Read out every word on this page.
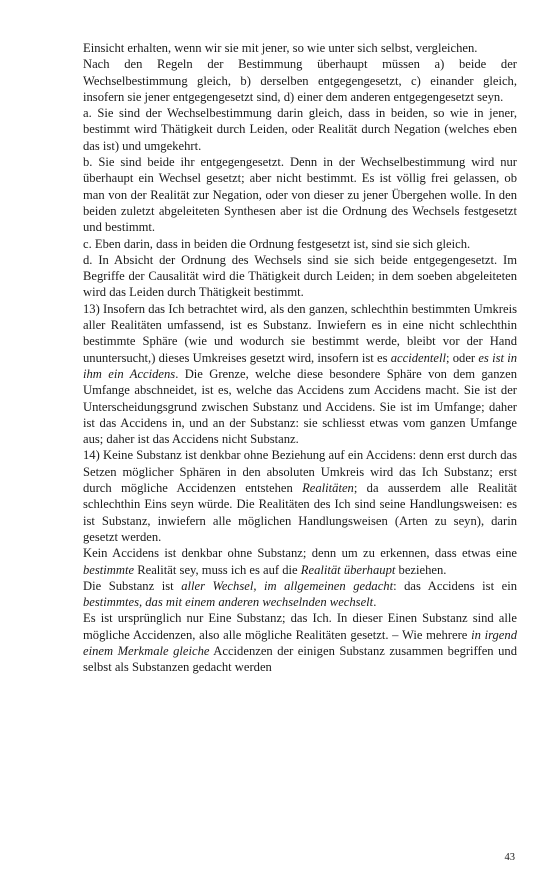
Einsicht erhalten, wenn wir sie mit jener, so wie unter sich selbst, vergleichen.

Nach den Regeln der Bestimmung überhaupt müssen a) beide der Wechselbestimmung gleich, b) derselben entgegengesetzt, c) einander gleich, insofern sie jener entgegengesetzt sind, d) einer dem anderen entgegengesetzt seyn.

a. Sie sind der Wechselbestimmung darin gleich, dass in beiden, so wie in jener, bestimmt wird Thätigkeit durch Leiden, oder Realität durch Negation (welches eben das ist) und umgekehrt.

b. Sie sind beide ihr entgegengesetzt. Denn in der Wechselbestimmung wird nur überhaupt ein Wechsel gesetzt; aber nicht bestimmt. Es ist völlig frei gelassen, ob man von der Realität zur Negation, oder von dieser zu jener Übergehen wolle. In den beiden zuletzt abgeleiteten Synthesen aber ist die Ordnung des Wechsels festgesetzt und bestimmt.

c. Eben darin, dass in beiden die Ordnung festgesetzt ist, sind sie sich gleich.

d. In Absicht der Ordnung des Wechsels sind sie sich beide entgegengesetzt. Im Begriffe der Causalität wird die Thätigkeit durch Leiden; in dem soeben abgeleiteten wird das Leiden durch Thätigkeit bestimmt.

13) Insofern das Ich betrachtet wird, als den ganzen, schlechthin bestimmten Umkreis aller Realitäten umfassend, ist es Substanz. Inwiefern es in eine nicht schlechthin bestimmte Sphäre (wie und wodurch sie bestimmt werde, bleibt vor der Hand ununtersucht,) dieses Umkreises gesetzt wird, insofern ist es accidentell; oder es ist in ihm ein Accidens. Die Grenze, welche diese besondere Sphäre von dem ganzen Umfange abschneidet, ist es, welche das Accidens zum Accidens macht. Sie ist der Unterscheidungsgrund zwischen Substanz und Accidens. Sie ist im Umfange; daher ist das Accidens in, und an der Substanz: sie schliesst etwas vom ganzen Umfange aus; daher ist das Accidens nicht Substanz.

14) Keine Substanz ist denkbar ohne Beziehung auf ein Accidens: denn erst durch das Setzen möglicher Sphären in den absoluten Umkreis wird das Ich Substanz; erst durch mögliche Accidenzen entstehen Realitäten; da ausserdem alle Realität schlechthin Eins seyn würde. Die Realitäten des Ich sind seine Handlungsweisen: es ist Substanz, inwiefern alle möglichen Handlungsweisen (Arten zu seyn), darin gesetzt werden.

Kein Accidens ist denkbar ohne Substanz; denn um zu erkennen, dass etwas eine bestimmte Realität sey, muss ich es auf die Realität überhaupt beziehen.

Die Substanz ist aller Wechsel, im allgemeinen gedacht: das Accidens ist ein bestimmtes, das mit einem anderen wechselnden wechselt.

Es ist ursprünglich nur Eine Substanz; das Ich. In dieser Einen Substanz sind alle mögliche Accidenzen, also alle mögliche Realitäten gesetzt. – Wie mehrere in irgend einem Merkmale gleiche Accidenzen der einigen Substanz zusammen begriffen und selbst als Substanzen gedacht werden

43
